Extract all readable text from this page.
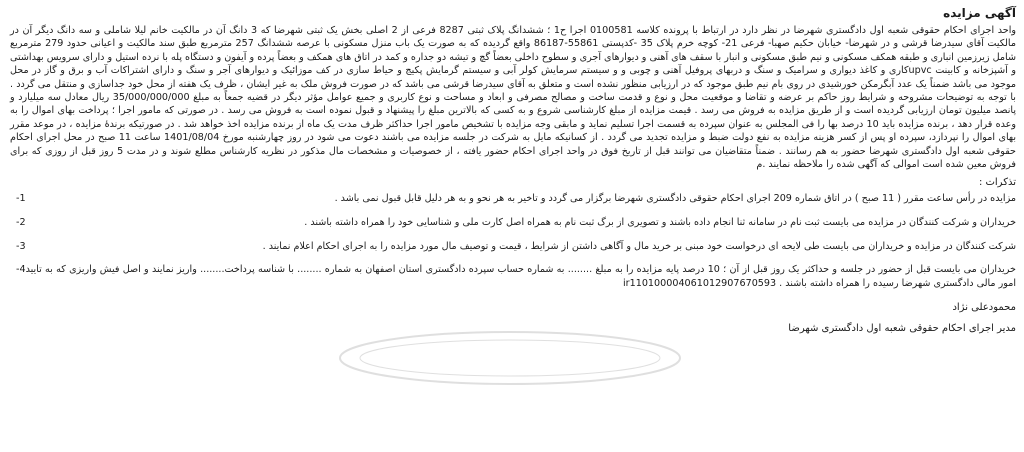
آگهی مزایده

واحد اجرای احکام حقوقی شعبه اول دادگستری شهرضا در نظر دارد در ارتباط با پرونده کلاسه 0100581 اجرا ح1 ؛ ششدانگ پلاک ثبتی 8287 فرعی از 2 اصلی بخش یک ثبتی شهرضا که 3 دانگ آن در مالکیت خانم لیلا شاملی و سه دانگ دیگر آن در مالکیت آقای سیدرضا قرشی و در شهرضا- خیابان حکیم صهبا- فرعی 21- کوچه خرم پلاک 35 -کدپستی 55861-86187 واقع گردیده که به صورت یک باب منزل مسکونی با عرصه ششدانگ 257 مترمربع طبق سند مالکیت و اعیانی حدود 279 مترمربع شامل زیرزمین انباری و طبقه همکف مسکونی و نیم طبق مسکونی و انبار با سقف های آهنی و دیوارهای آجری و سطوح داخلی بعضاً گچ و تیشه دو جداره و کمد در اتاق های همکف و بعضاً پرده و آیفون و دستگاه پله با نرده استیل و دارای سرویس بهداشتی و آشپزخانه و کابینت upvcکاری و کاغذ دیواری و سرامیک و سنگ و دربهای پروفیل آهنی و چوبی و و سیستم سرمایش کولر آبی و سیستم گرمایش پکیج و حیاط سازی در کف موزائیک و دیوارهای آجر و سنگ و دارای اشتراکات آب و برق و گاز در محل موجود می باشد ضمناً یک عدد آبگرمکن خورشیدی در روی بام نیم طبق موجود که در ارزیابی منظور نشده است و متعلق به آقای سیدرضا قرشی می باشد که در صورت فروش ملک به غیر ایشان ، ظرف یک هفته از محل خود جداسازی و منتقل می گردد . با توجه به توضیحات مشروحه و شرایط روز حاکم بر عرضه و تقاضا و موقعیت محل و نوع و قدمت ساخت و مصالح مصرفی و ابعاد و مساحت و نوع کاربری و جمیع عوامل مؤثر دیگر در قضیه جمعاً به مبلغ 35/000/000/000 ریال معادل سه میلیارد و پانصد میلیون تومان ارزیابی گردیده است و از طریق مزایده به فروش می رسد . قیمت مزایده از مبلغ کارشناسی شروع و به کسی که بالاترین مبلغ را پیشنهاد و قبول نموده است به فروش می رسد . در صورتی که مامور اجرا ؛ پرداخت بهای اموال را به وعده قرار دهد ، برنده مزایده باید 10 درصد بها را فی المجلس به عنوان سپرده به قسمت اجرا تسلیم نماید و مابقی وجه مزایده با تشخیص مامور اجرا حداکثر ظرف مدت یک ماه از برنده مزایده اخذ خواهد شد . در صورتیکه برندۀ مزایده ، در موعد مقرر بهای اموال را نپردازد، سپرده او پس از کسر هزینه مزایده به نفع دولت ضبط و مزایده تجدید می گردد . از کسانیکه مایل به شرکت در جلسه مزایده می باشند دعوت می شود در روز چهارشنبه مورخ 1401/08/04 ساعت 11 صبح در محل اجرای احکام حقوقی شعبه اول دادگستری شهرضا حضور به هم رسانند . ضمناً متقاضیان می توانند قبل از تاریخ فوق در واحد اجرای احکام حضور یافته ، از خصوصیات و مشخصات مال مذکور در نظریه کارشناس مطلع شوند و در مدت 5 روز قبل از روزی که برای فروش معین شده است اموالی که آگهی شده را ملاحظه نمایند .م

تذکرات :
مزایده در رأس ساعت مقرر ( 11 صبح ) در اتاق شماره 209 اجرای احکام حقوقی دادگستری شهرضا برگزار می گردد و تاخیر به هر نحو و به هر دلیل قابل قبول نمی باشد .
1-
خریداران و شرکت کنندگان در مزایده می بایست ثبت نام در سامانه ثنا انجام داده باشند و تصویری از برگ ثبت نام به همراه اصل کارت ملی و شناسایی خود را همراه داشته باشند .
2-
شرکت کنندگان در مزایده و خریداران می بایست طی لایحه ای درخواست خود مبنی بر خرید مال و آگاهی داشتن از شرایط ، قیمت و توصیف مال مورد مزایده را به اجرای احکام اعلام نمایند .
3-
خریداران می بایست قبل از حضور در جلسه و حداکثر یک روز قبل از آن ؛ 10 درصد پایه مزایده را به مبلغ ........ به شماره حساب سپرده دادگستری استان اصفهان به شماره ........ با شناسه پرداخت........ واریز نمایند و اصل فیش واریزی که به تایید امور مالی دادگستری شهرضا رسیده را همراه داشته باشند . ir110100004061012907670593
4-
محمودعلی نژاد
مدیر اجرای احکام حقوقی شعبه اول دادگستری شهرضا
